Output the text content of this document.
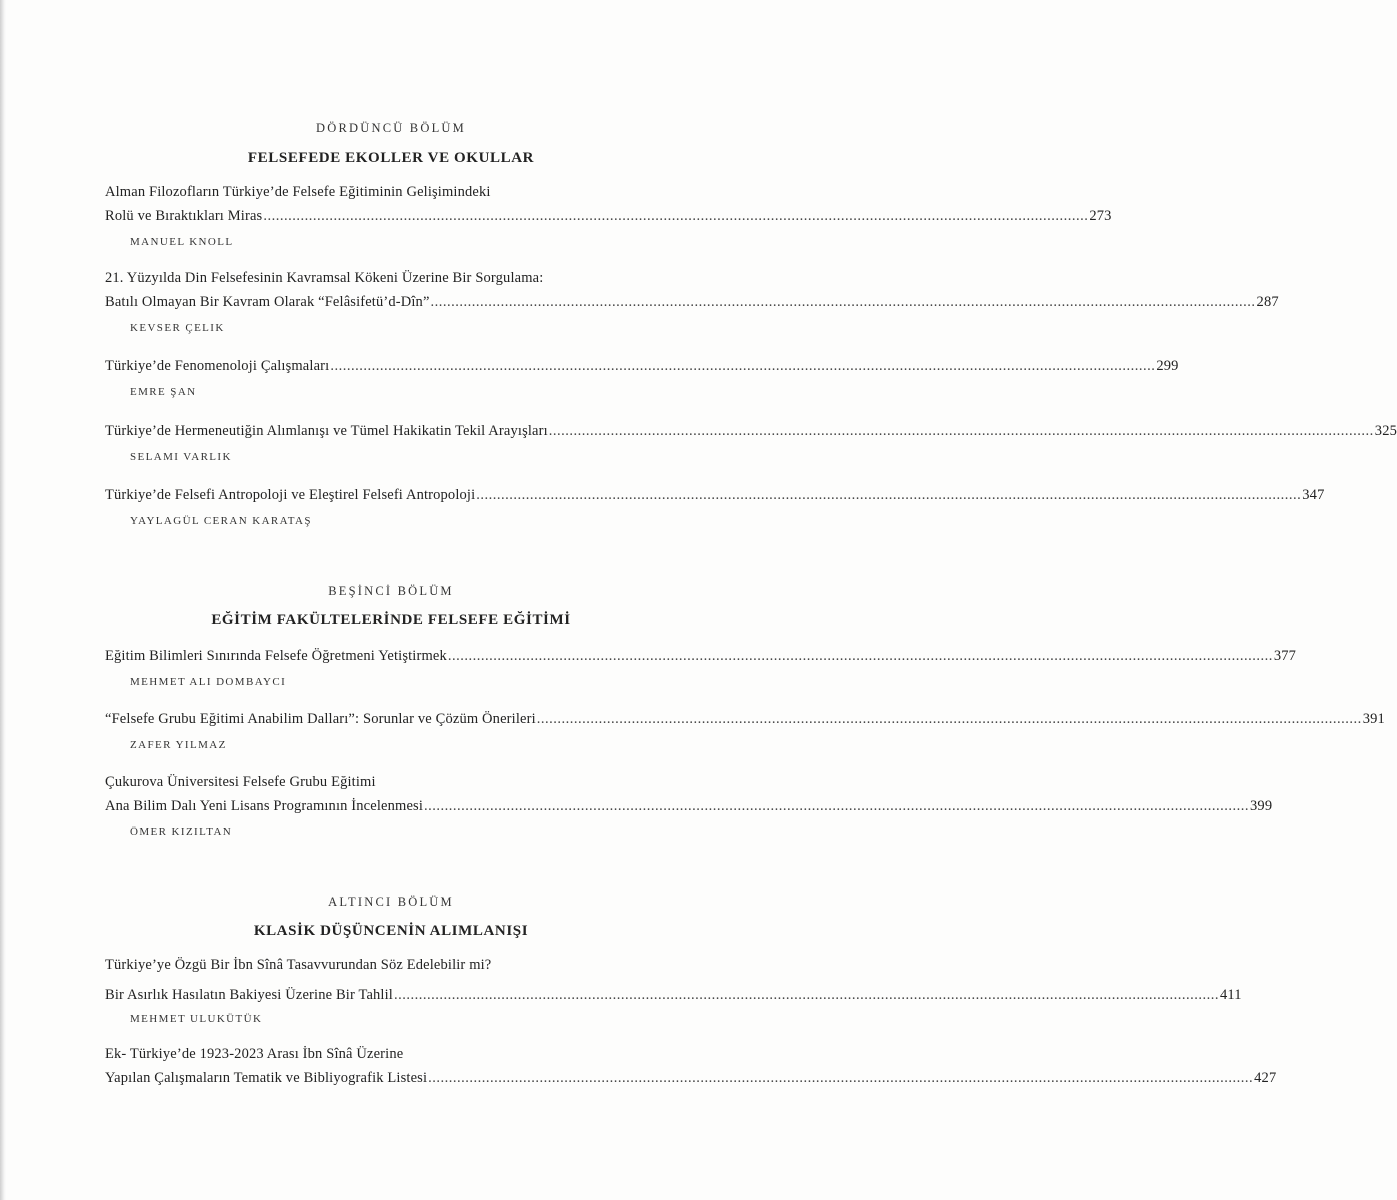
DÖRDÜNCÜ BÖLÜM
FELSEFEDE EKOLLER VE OKULLAR
Alman Filozofların Türkiye’de Felsefe Eğitiminin Gelişimindeki
Rolü ve Bıraktıkları Miras ........................................................................................................................................................................................................ 273
MANUEL KNOLL
21. Yüzyılda Din Felsefesinin Kavramsal Kökeni Üzerine Bir Sorgulama:
Batılı Olmayan Bir Kavram Olarak “Felâsifetü’d-Dîn” ........................................................................................................................................................................................................ 287
KEVSER ÇELIK
Türkiye’de Fenomenoloji Çalışmaları ........................................................................................................................................................................................................ 299
EMRE ŞAN
Türkiye’de Hermeneutiğin Alımlanışı ve Tümel Hakikatin Tekil Arayışları ........................................................................................................................................................................................................ 325
SELAMI VARLIK
Türkiye’de Felsefi Antropoloji ve Eleştirel Felsefi Antropoloji ........................................................................................................................................................................................................ 347
YAYLAGÜL CERAN KARATAŞ
BEŞİNCİ BÖLÜM
EĞİTİM FAKÜLTELERİNDE FELSEFE EĞİTİMİ
Eğitim Bilimleri Sınırında Felsefe Öğretmeni Yetiştirmek ........................................................................................................................................................................................................ 377
MEHMET ALI DOMBAYCI
“Felsefe Grubu Eğitimi Anabilim Dalları”: Sorunlar ve Çözüm Önerileri ........................................................................................................................................................................................................ 391
ZAFER YILMAZ
Çukurova Üniversitesi Felsefe Grubu Eğitimi
Ana Bilim Dalı Yeni Lisans Programının İncelenmesi ........................................................................................................................................................................................................ 399
ÖMER KIZILTAN
ALTINCI BÖLÜM
KLASİK DÜŞÜNCENİN ALIMLANIŞI
Türkiye’ye Özgü Bir İbn Sînâ Tasavvurundan Söz Edelebilir mi?
Bir Asırlık Hasılatın Bakiyesi Üzerine Bir Tahlil ........................................................................................................................................................................................................ 411
MEHMET ULUKÜTÜK
Ek- Türkiye’de 1923-2023 Arası İbn Sînâ Üzerine
Yapılan Çalışmaların Tematik ve Bibliyografik Listesi ........................................................................................................................................................................................................ 427
